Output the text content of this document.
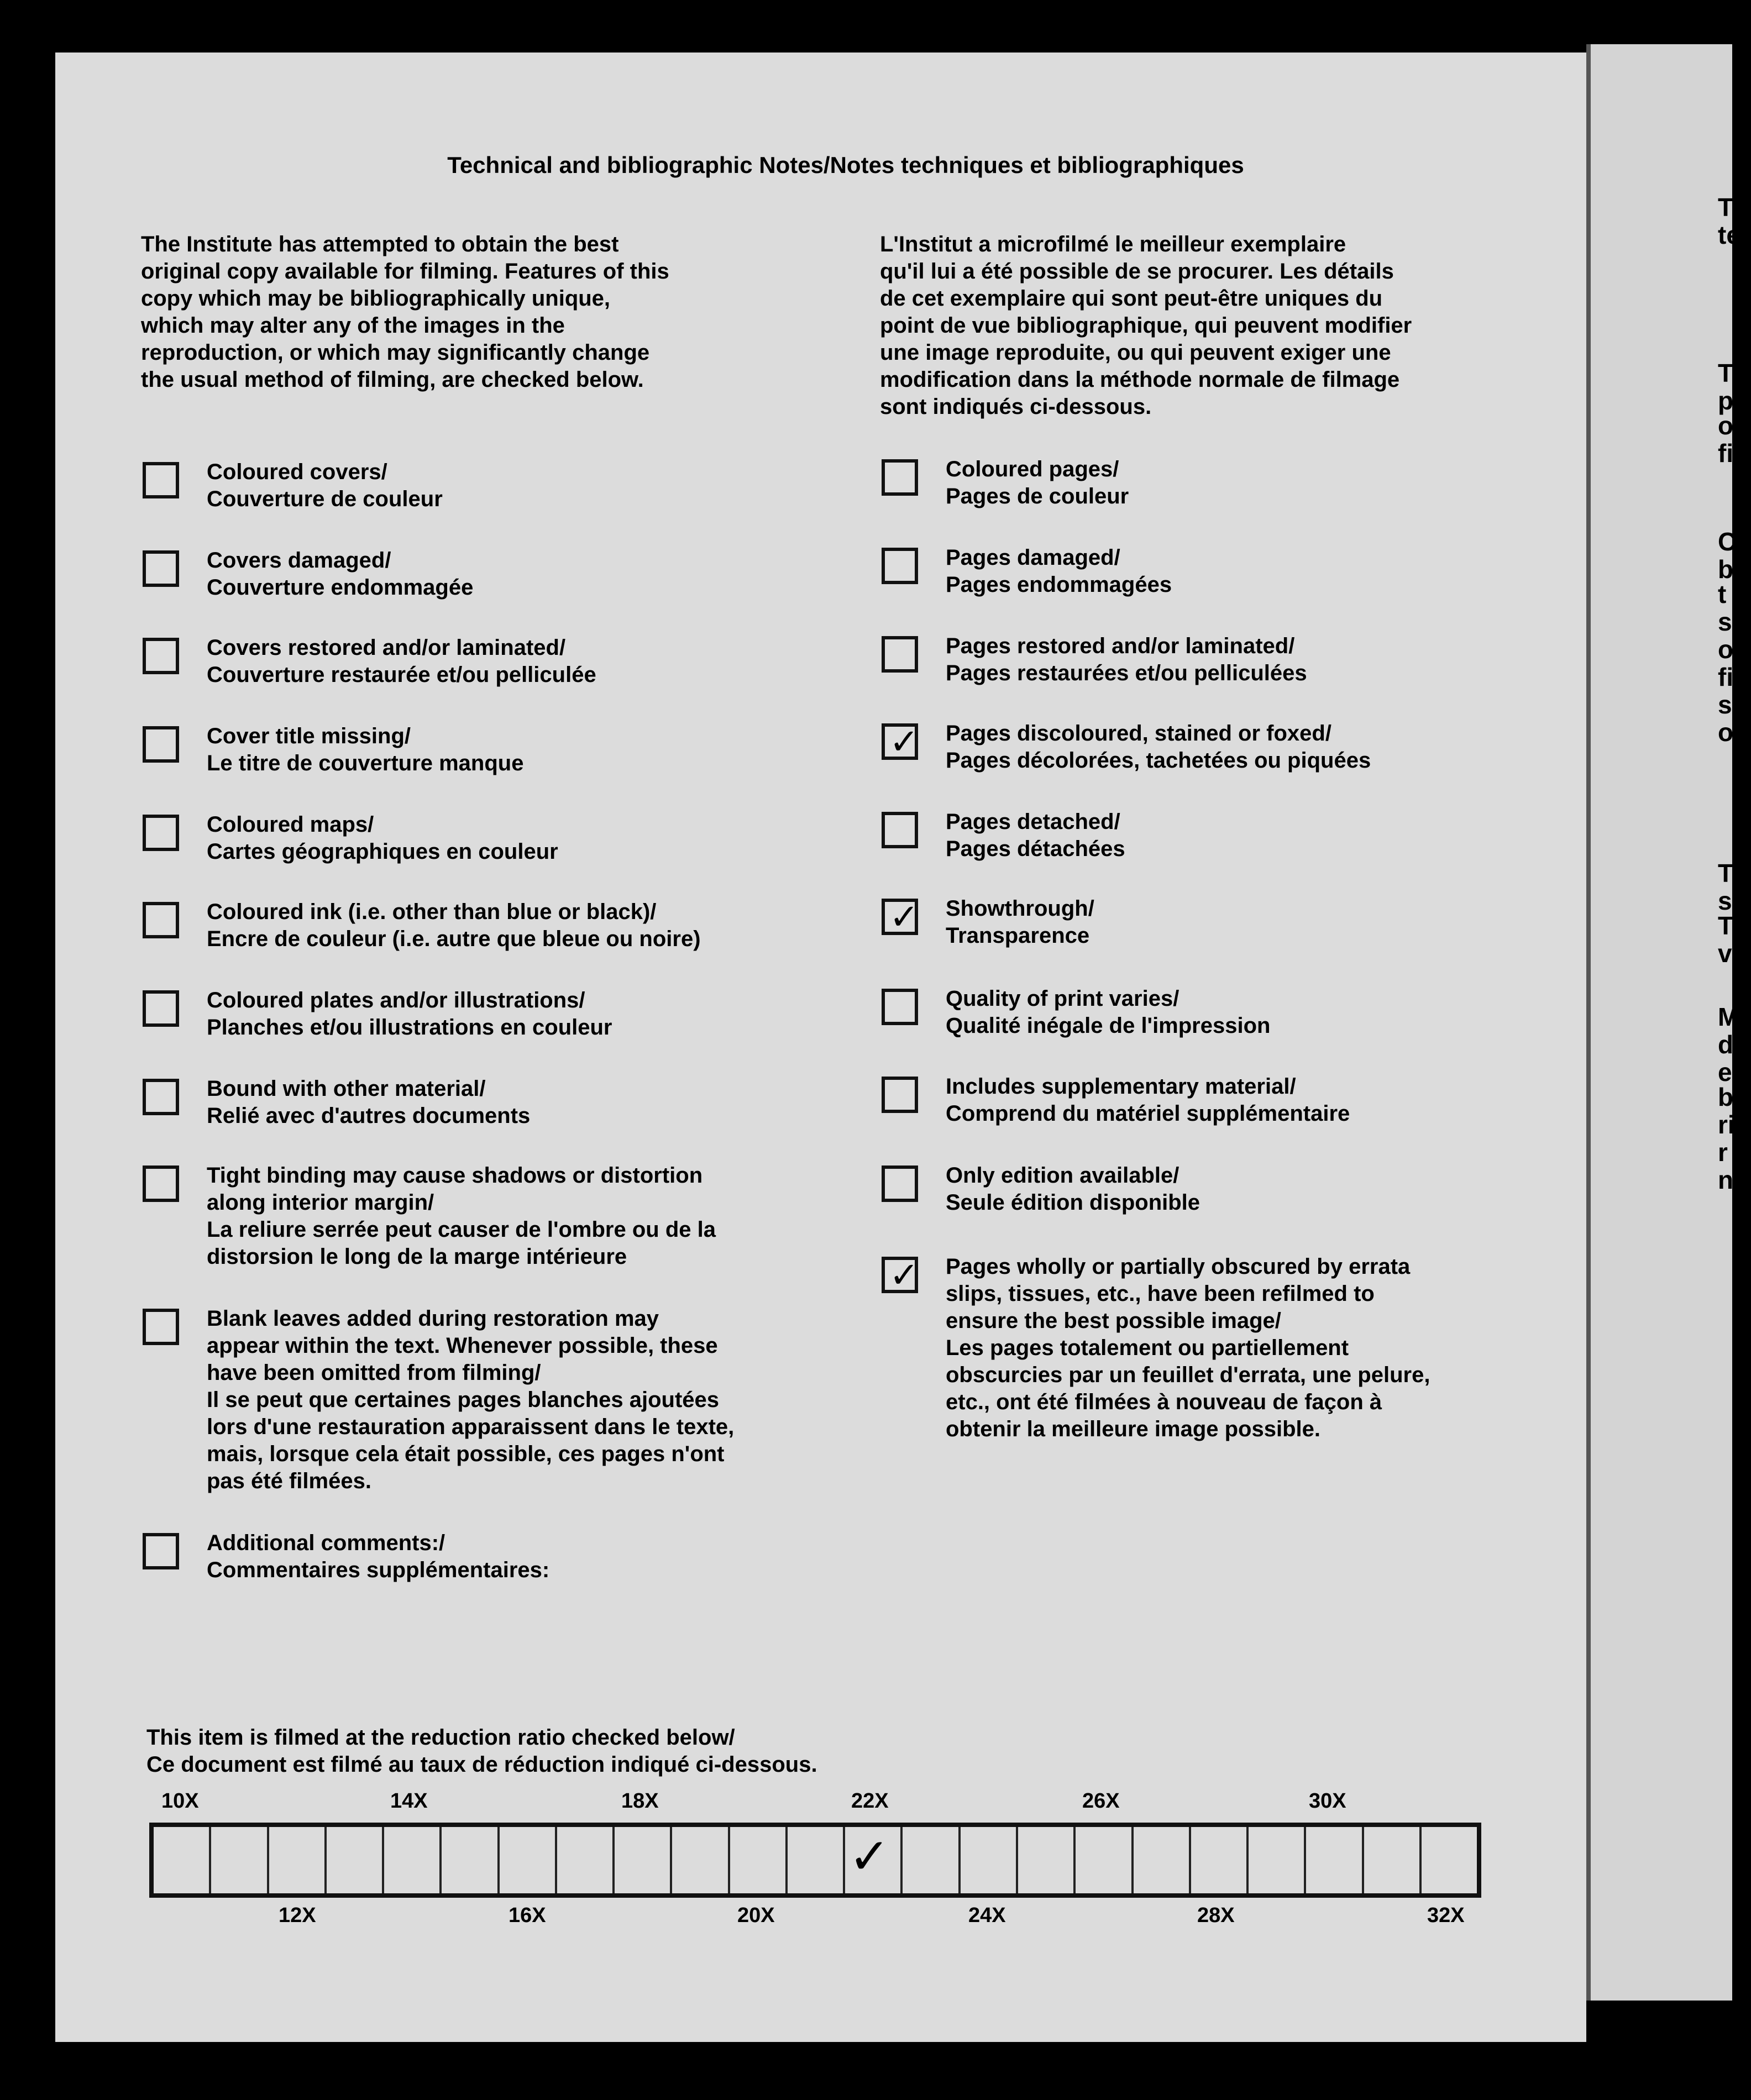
T
te
T
p
o
fi
C
b
t
s
o
fi
s
o
T
s
T
v
M
d
e
b
ri
r
n
Technical and bibliographic Notes/Notes techniques et bibliographiques

The Institute has attempted to obtain the best
original copy available for filming. Features of this
copy which may be bibliographically unique,
which may alter any of the images in the
reproduction, or which may significantly change
the usual method of filming, are checked below.

L'Institut a microfilmé le meilleur exemplaire
qu'il lui a été possible de se procurer. Les détails
de cet exemplaire qui sont peut-être uniques du
point de vue bibliographique, qui peuvent modifier
une image reproduite, ou qui peuvent exiger une
modification dans la méthode normale de filmage
sont indiqués ci-dessous.

Coloured covers/
Couverture de couleur

Covers damaged/
Couverture endommagée

Covers restored and/or laminated/
Couverture restaurée et/ou pelliculée

Cover title missing/
Le titre de couverture manque

Coloured maps/
Cartes géographiques en couleur

Coloured ink (i.e. other than blue or black)/
Encre de couleur (i.e. autre que bleue ou noire)

Coloured plates and/or illustrations/
Planches et/ou illustrations en couleur

Bound with other material/
Relié avec d'autres documents

Tight binding may cause shadows or distortion
along interior margin/
La reliure serrée peut causer de l'ombre ou de la
distorsion le long de la marge intérieure

Blank leaves added during restoration may
appear within the text. Whenever possible, these
have been omitted from filming/
Il se peut que certaines pages blanches ajoutées
lors d'une restauration apparaissent dans le texte,
mais, lorsque cela était possible, ces pages n'ont
pas été filmées.

Additional comments:/
Commentaires supplémentaires:

Coloured pages/
Pages de couleur

Pages damaged/
Pages endommagées

Pages restored and/or laminated/
Pages restaurées et/ou pelliculées

✓ Pages discoloured, stained or foxed/
Pages décolorées, tachetées ou piquées

Pages detached/
Pages détachées

✓ Showthrough/
Transparence

Quality of print varies/
Qualité inégale de l'impression

Includes supplementary material/
Comprend du matériel supplémentaire

Only edition available/
Seule édition disponible

✓ Pages wholly or partially obscured by errata
slips, tissues, etc., have been refilmed to
ensure the best possible image/
Les pages totalement ou partiellement
obscurcies par un feuillet d'errata, une pelure,
etc., ont été filmées à nouveau de façon à
obtenir la meilleure image possible.

This item is filmed at the reduction ratio checked below/
Ce document est filmé au taux de réduction indiqué ci-dessous.
10X	14X	18X	22X	26X	30X
12X	16X	20X	24X	28X	32X
✓
